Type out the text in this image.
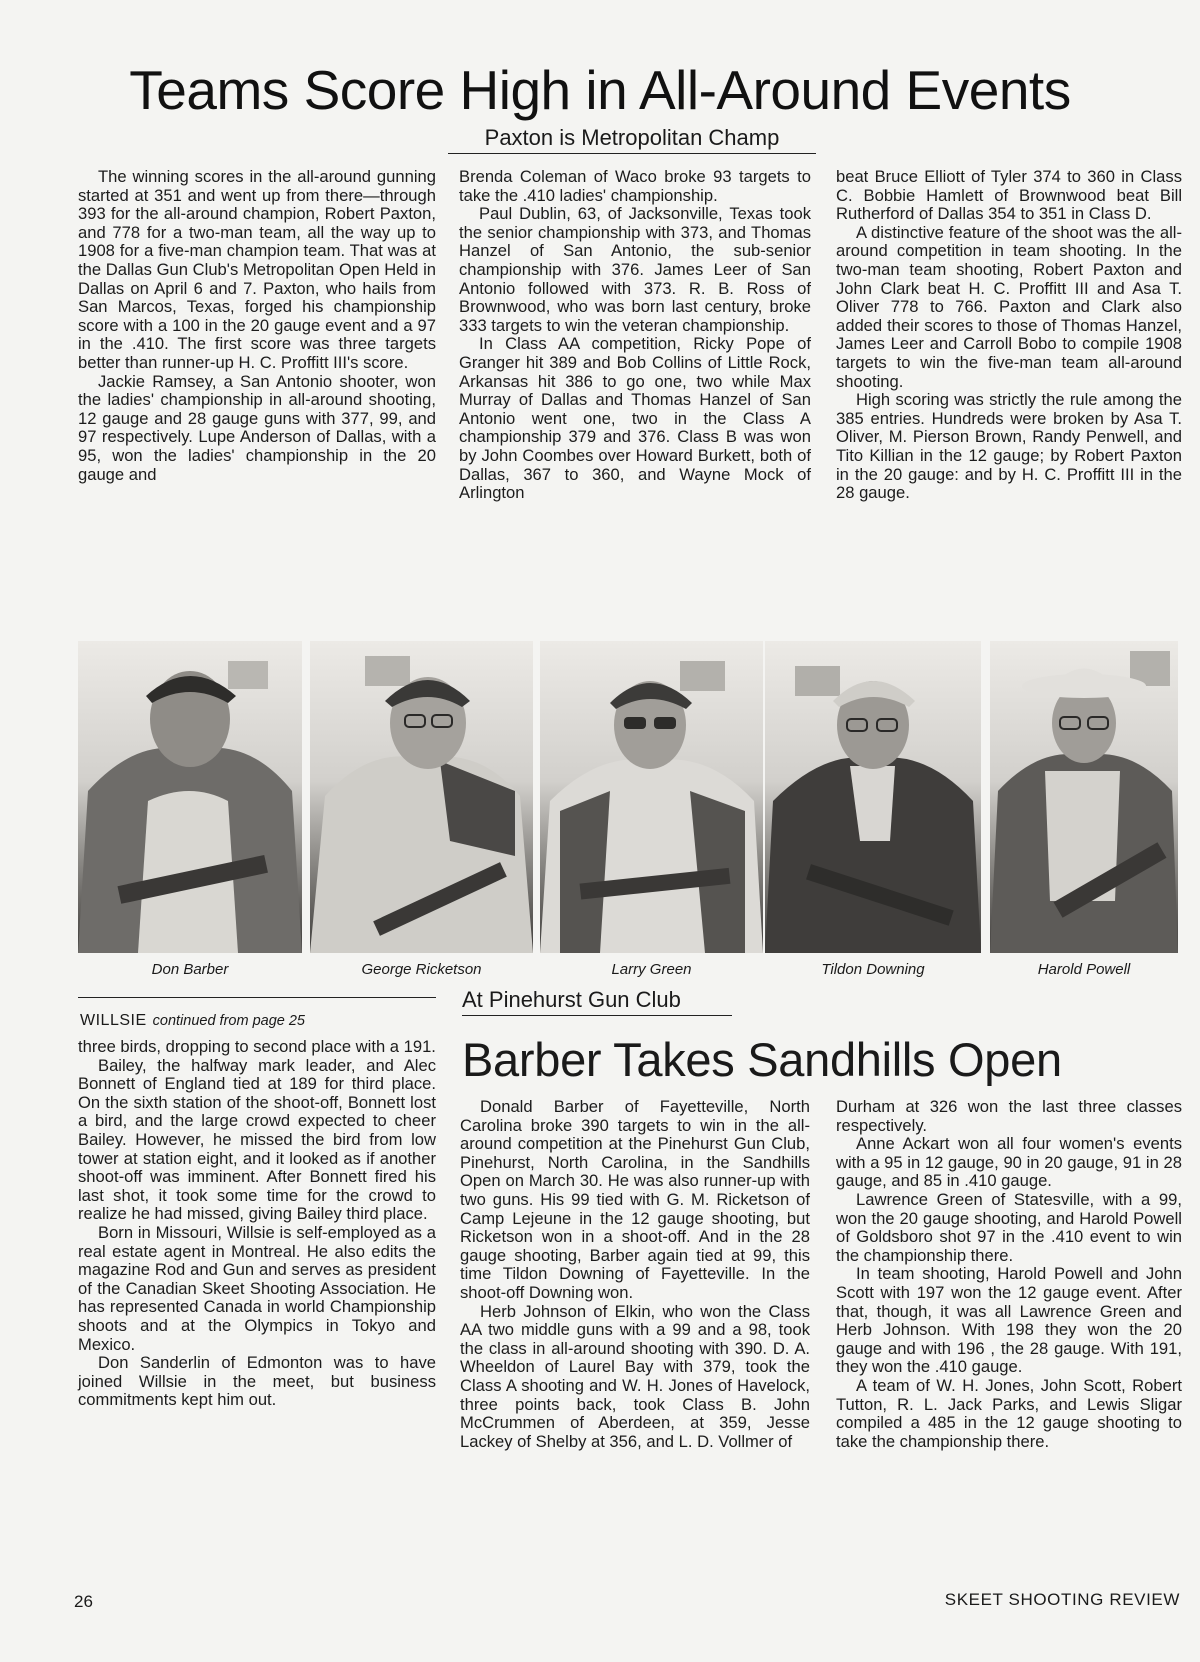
Teams Score High in All-Around Events
Paxton is Metropolitan Champ

The winning scores in the all-around gunning started at 351 and went up from there—through 393 for the all-around champion, Robert Paxton, and 778 for a two-man team, all the way up to 1908 for a five-man champion team. That was at the Dallas Gun Club's Metropolitan Open Held in Dallas on April 6 and 7. Paxton, who hails from San Marcos, Texas, forged his championship score with a 100 in the 20 gauge event and a 97 in the .410. The first score was three targets better than runner-up H. C. Proffitt III's score.

Jackie Ramsey, a San Antonio shooter, won the ladies' championship in all-around shooting, 12 gauge and 28 gauge guns with 377, 99, and 97 respectively. Lupe Anderson of Dallas, with a 95, won the ladies' championship in the 20 gauge and

Brenda Coleman of Waco broke 93 targets to take the .410 ladies' championship.

Paul Dublin, 63, of Jacksonville, Texas took the senior championship with 373, and Thomas Hanzel of San Antonio, the sub-senior championship with 376. James Leer of San Antonio followed with 373. R. B. Ross of Brownwood, who was born last century, broke 333 targets to win the veteran championship.

In Class AA competition, Ricky Pope of Granger hit 389 and Bob Collins of Little Rock, Arkansas hit 386 to go one, two while Max Murray of Dallas and Thomas Hanzel of San Antonio went one, two in the Class A championship 379 and 376. Class B was won by John Coombes over Howard Burkett, both of Dallas, 367 to 360, and Wayne Mock of Arlington

beat Bruce Elliott of Tyler 374 to 360 in Class C. Bobbie Hamlett of Brownwood beat Bill Rutherford of Dallas 354 to 351 in Class D.

A distinctive feature of the shoot was the all-around competition in team shooting. In the two-man team shooting, Robert Paxton and John Clark beat H. C. Proffitt III and Asa T. Oliver 778 to 766. Paxton and Clark also added their scores to those of Thomas Hanzel, James Leer and Carroll Bobo to compile 1908 targets to win the five-man team all-around shooting.

High scoring was strictly the rule among the 385 entries. Hundreds were broken by Asa T. Oliver, M. Pierson Brown, Randy Penwell, and Tito Killian in the 12 gauge; by Robert Paxton in the 20 gauge: and by H. C. Proffitt III in the 28 gauge.

Don Barber	George Ricketson	Larry Green	Tildon Downing	Harold Powell
WILLSIE continued from page 25

three birds, dropping to second place with a 191.

Bailey, the halfway mark leader, and Alec Bonnett of England tied at 189 for third place. On the sixth station of the shoot-off, Bonnett lost a bird, and the large crowd expected to cheer Bailey. However, he missed the bird from low tower at station eight, and it looked as if another shoot-off was imminent. After Bonnett fired his last shot, it took some time for the crowd to realize he had missed, giving Bailey third place.

Born in Missouri, Willsie is self-employed as a real estate agent in Montreal. He also edits the magazine Rod and Gun and serves as president of the Canadian Skeet Shooting Association. He has represented Canada in world Championship shoots and at the Olympics in Tokyo and Mexico.

Don Sanderlin of Edmonton was to have joined Willsie in the meet, but business commitments kept him out.

At Pinehurst Gun Club
Barber Takes Sandhills Open

Donald Barber of Fayetteville, North Carolina broke 390 targets to win in the all-around competition at the Pinehurst Gun Club, Pinehurst, North Carolina, in the Sandhills Open on March 30. He was also runner-up with two guns. His 99 tied with G. M. Ricketson of Camp Lejeune in the 12 gauge shooting, but Ricketson won in a shoot-off. And in the 28 gauge shooting, Barber again tied at 99, this time Tildon Downing of Fayetteville. In the shoot-off Downing won.

Herb Johnson of Elkin, who won the Class AA two middle guns with a 99 and a 98, took the class in all-around shooting with 390. D. A. Wheeldon of Laurel Bay with 379, took the Class A shooting and W. H. Jones of Havelock, three points back, took Class B. John McCrummen of Aberdeen, at 359, Jesse Lackey of Shelby at 356, and L. D. Vollmer of

Durham at 326 won the last three classes respectively.

Anne Ackart won all four women's events with a 95 in 12 gauge, 90 in 20 gauge, 91 in 28 gauge, and 85 in .410 gauge.

Lawrence Green of Statesville, with a 99, won the 20 gauge shooting, and Harold Powell of Goldsboro shot 97 in the .410 event to win the championship there.

In team shooting, Harold Powell and John Scott with 197 won the 12 gauge event. After that, though, it was all Lawrence Green and Herb Johnson. With 198 they won the 20 gauge and with 196 , the 28 gauge. With 191, they won the .410 gauge.

A team of W. H. Jones, John Scott, Robert Tutton, R. L. Jack Parks, and Lewis Sligar compiled a 485 in the 12 gauge shooting to take the championship there.

26	SKEET SHOOTING REVIEW
